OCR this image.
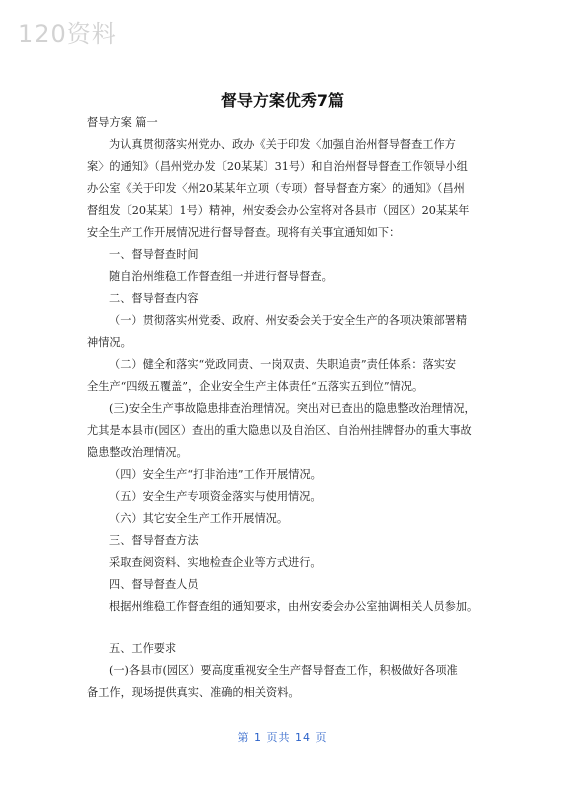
120资料
督导方案优秀7篇
督导方案 篇一
为认真贯彻落实州党办、政办《关于印发〈加强自治州督导督查工作方
案〉的通知》（昌州党办发〔20某某〕31号）和自治州督导督查工作领导小组
办公室《关于印发〈州20某某年立项（专项）督导督查方案〉的通知》（昌州
督组发〔20某某〕1号）精神，州安委会办公室将对各县市（园区）20某某年
安全生产工作开展情况进行督导督查。现将有关事宜通知如下：
一、督导督查时间
随自治州维稳工作督查组一并进行督导督查。
二、督导督查内容
（一）贯彻落实州党委、政府、州安委会关于安全生产的各项决策部署精
神情况。
（二）健全和落实“党政同责、一岗双责、失职追责”责任体系：落实安
全生产“四级五覆盖”，企业安全生产主体责任“五落实五到位”情况。
(三)安全生产事故隐患排查治理情况。突出对已查出的隐患整改治理情况，
尤其是本县市(园区）查出的重大隐患以及自治区、自治州挂牌督办的重大事故
隐患整改治理情况。
（四）安全生产“打非治违”工作开展情况。
（五）安全生产专项资金落实与使用情况。
（六）其它安全生产工作开展情况。
三、督导督查方法
采取查阅资料、实地检查企业等方式进行。
四、督导督查人员
根据州维稳工作督查组的通知要求，由州安委会办公室抽调相关人员参加。
五、工作要求
(一)各县市(园区）要高度重视安全生产督导督查工作，积极做好各项准
备工作，现场提供真实、准确的相关资料。
第 1 页共 14 页
